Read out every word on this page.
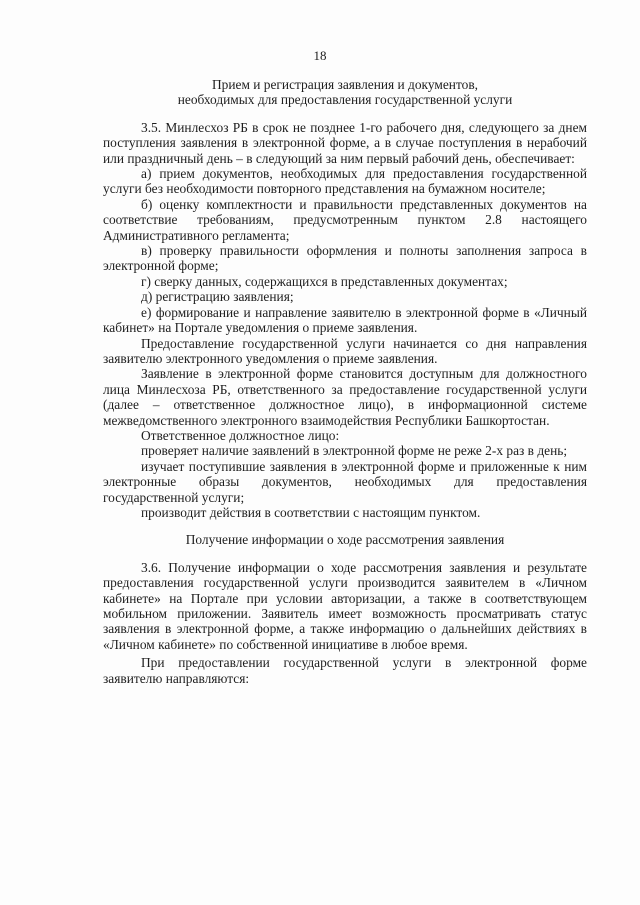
18
Прием и регистрация заявления и документов,
необходимых для предоставления государственной услуги

3.5. Минлесхоз РБ в срок не позднее 1-го рабочего дня, следующего за днем поступления заявления в электронной форме, а в случае поступления в нерабочий или праздничный день – в следующий за ним первый рабочий день, обеспечивает:

а) прием документов, необходимых для предоставления государственной услуги без необходимости повторного представления на бумажном носителе;

б) оценку комплектности и правильности представленных документов на соответствие требованиям, предусмотренным пунктом 2.8 настоящего Административного регламента;

в) проверку правильности оформления и полноты заполнения запроса в электронной форме;

г) сверку данных, содержащихся в представленных документах;

д) регистрацию заявления;

е) формирование и направление заявителю в электронной форме в «Личный кабинет» на Портале уведомления о приеме заявления.

Предоставление государственной услуги начинается со дня направления заявителю электронного уведомления о приеме заявления.

Заявление в электронной форме становится доступным для должностного лица Минлесхоза РБ, ответственного за предоставление государственной услуги (далее – ответственное должностное лицо), в информационной системе межведомственного электронного взаимодействия Республики Башкортостан.

Ответственное должностное лицо:

проверяет наличие заявлений в электронной форме не реже 2-х раз в день;

изучает поступившие заявления в электронной форме и приложенные к ним электронные образы документов, необходимых для предоставления государственной услуги;

производит действия в соответствии с настоящим пунктом.

Получение информации о ходе рассмотрения заявления

3.6. Получение информации о ходе рассмотрения заявления и результате предоставления государственной услуги производится заявителем в «Личном кабинете» на Портале при условии авторизации, а также в соответствующем мобильном приложении. Заявитель имеет возможность просматривать статус заявления в электронной форме, а также информацию о дальнейших действиях в «Личном кабинете» по собственной инициативе в любое время.

При предоставлении государственной услуги в электронной форме заявителю направляются:
